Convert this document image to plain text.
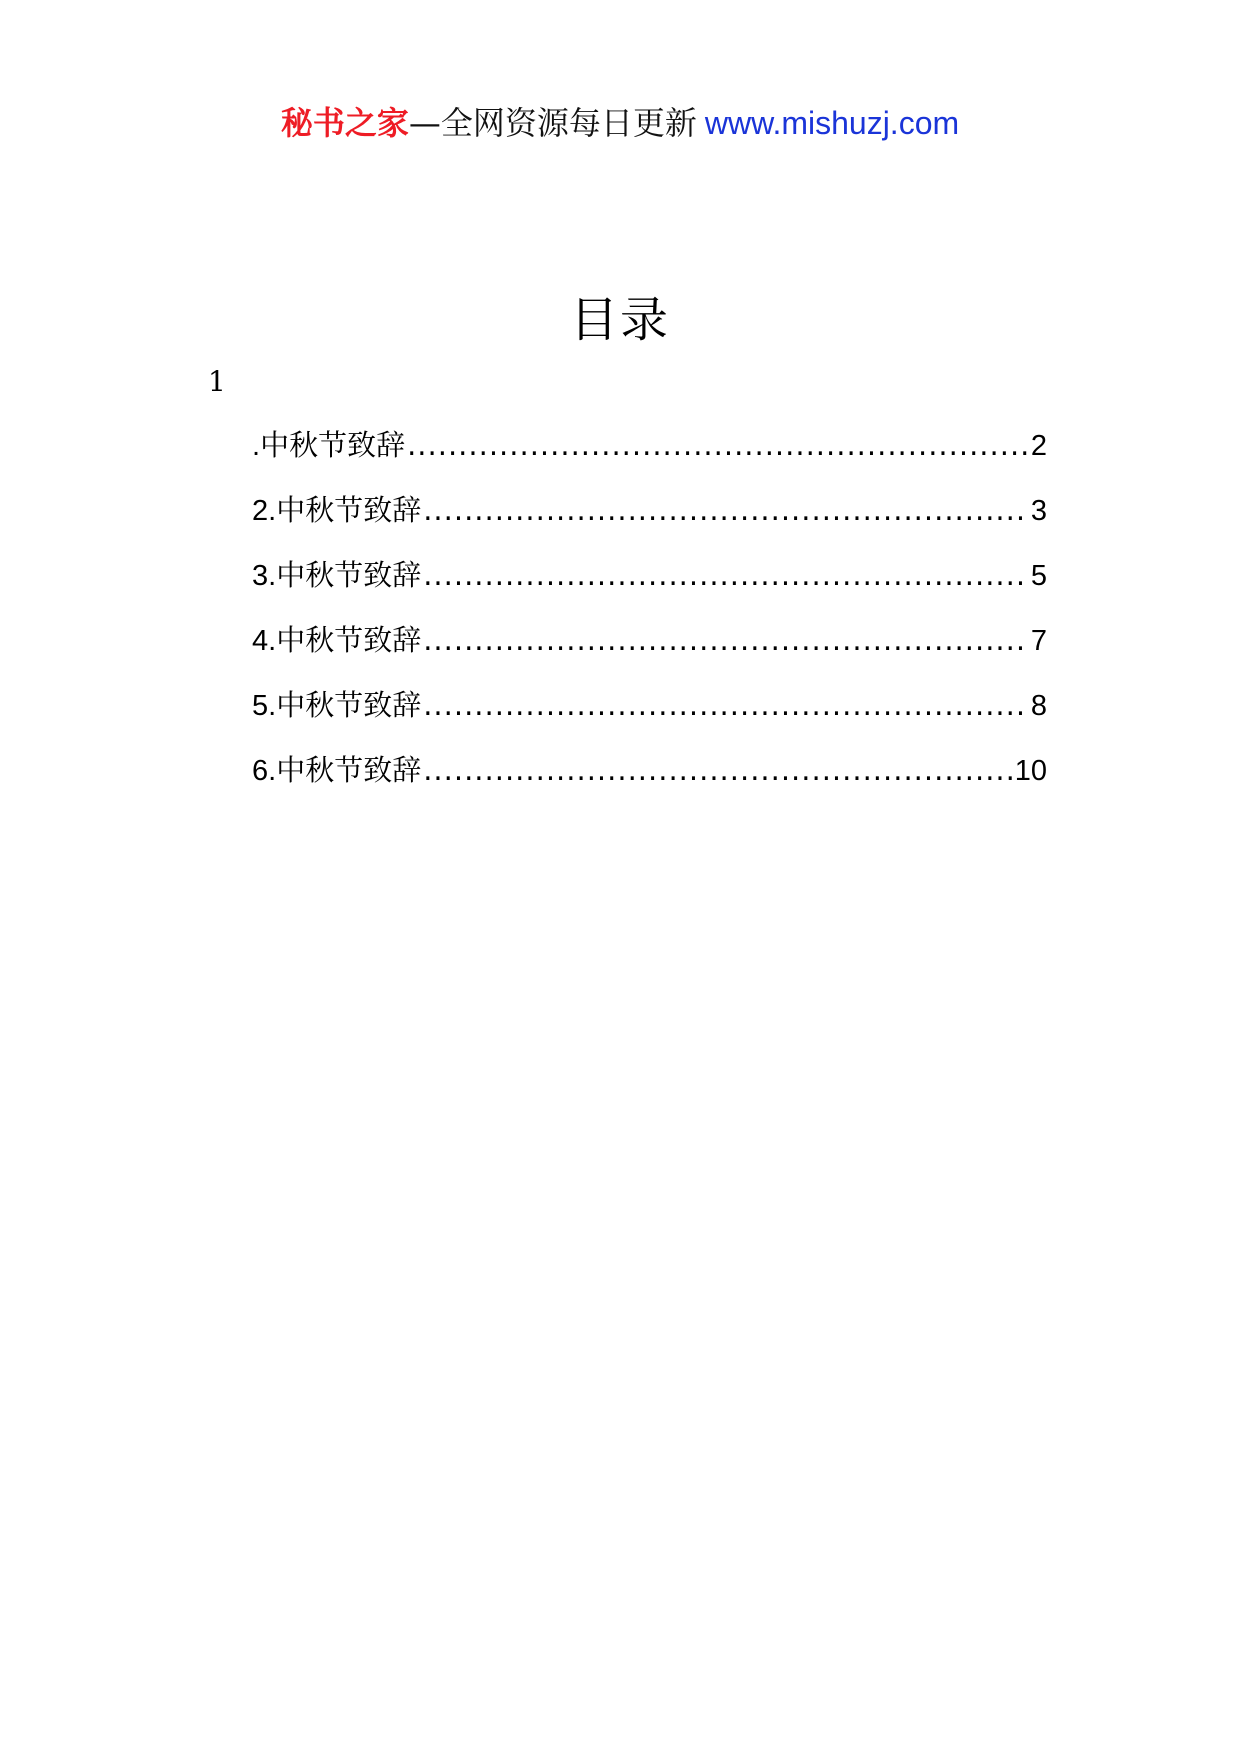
秘书之家—全网资源每日更新 www.mishuzj.com
目录
1
.中秋节致辞 .....	2
2.中秋节致辞 .....	3
3.中秋节致辞 .....	5
4.中秋节致辞 .....	7
5.中秋节致辞 .....	8
6.中秋节致辞 .....	10
